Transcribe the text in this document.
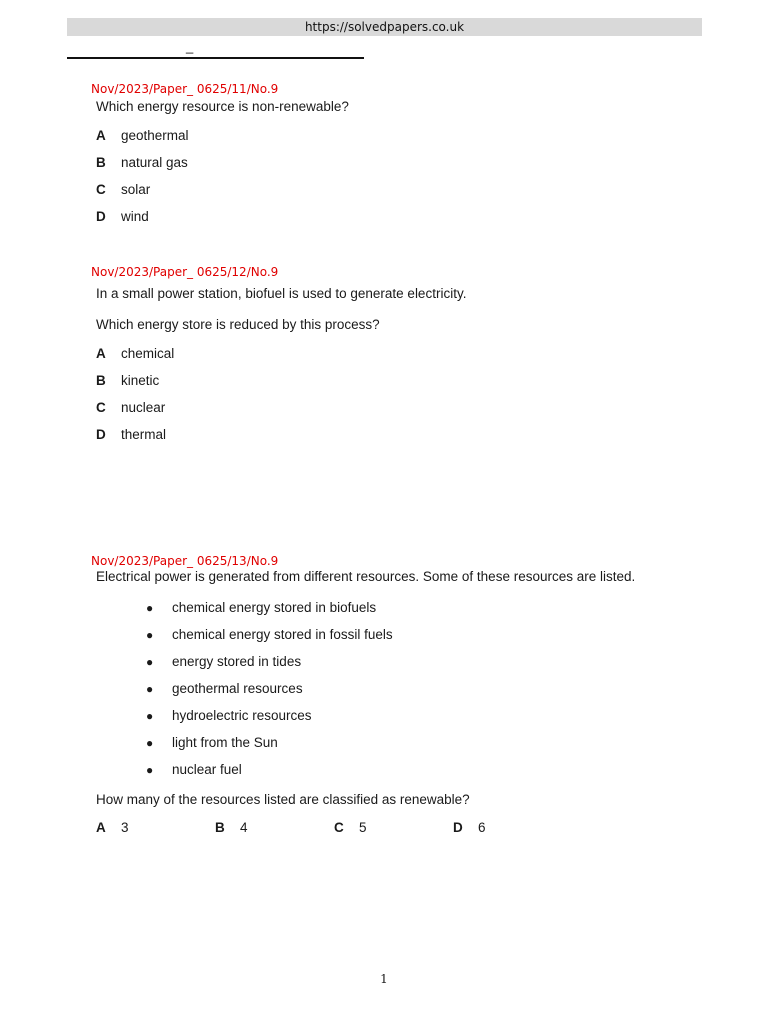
https://solvedpapers.co.uk
_
Nov/2023/Paper_ 0625/11/No.9
Which energy resource is non-renewable?
A geothermal
B natural gas
C solar
D wind
Nov/2023/Paper_ 0625/12/No.9
In a small power station, biofuel is used to generate electricity.
Which energy store is reduced by this process?
A chemical
B kinetic
C nuclear
D thermal
Nov/2023/Paper_ 0625/13/No.9
Electrical power is generated from different resources. Some of these resources are listed.
● chemical energy stored in biofuels
● chemical energy stored in fossil fuels
● energy stored in tides
● geothermal resources
● hydroelectric resources
● light from the Sun
● nuclear fuel
How many of the resources listed are classified as renewable?
A 3	B 4	C 5	D 6
1
